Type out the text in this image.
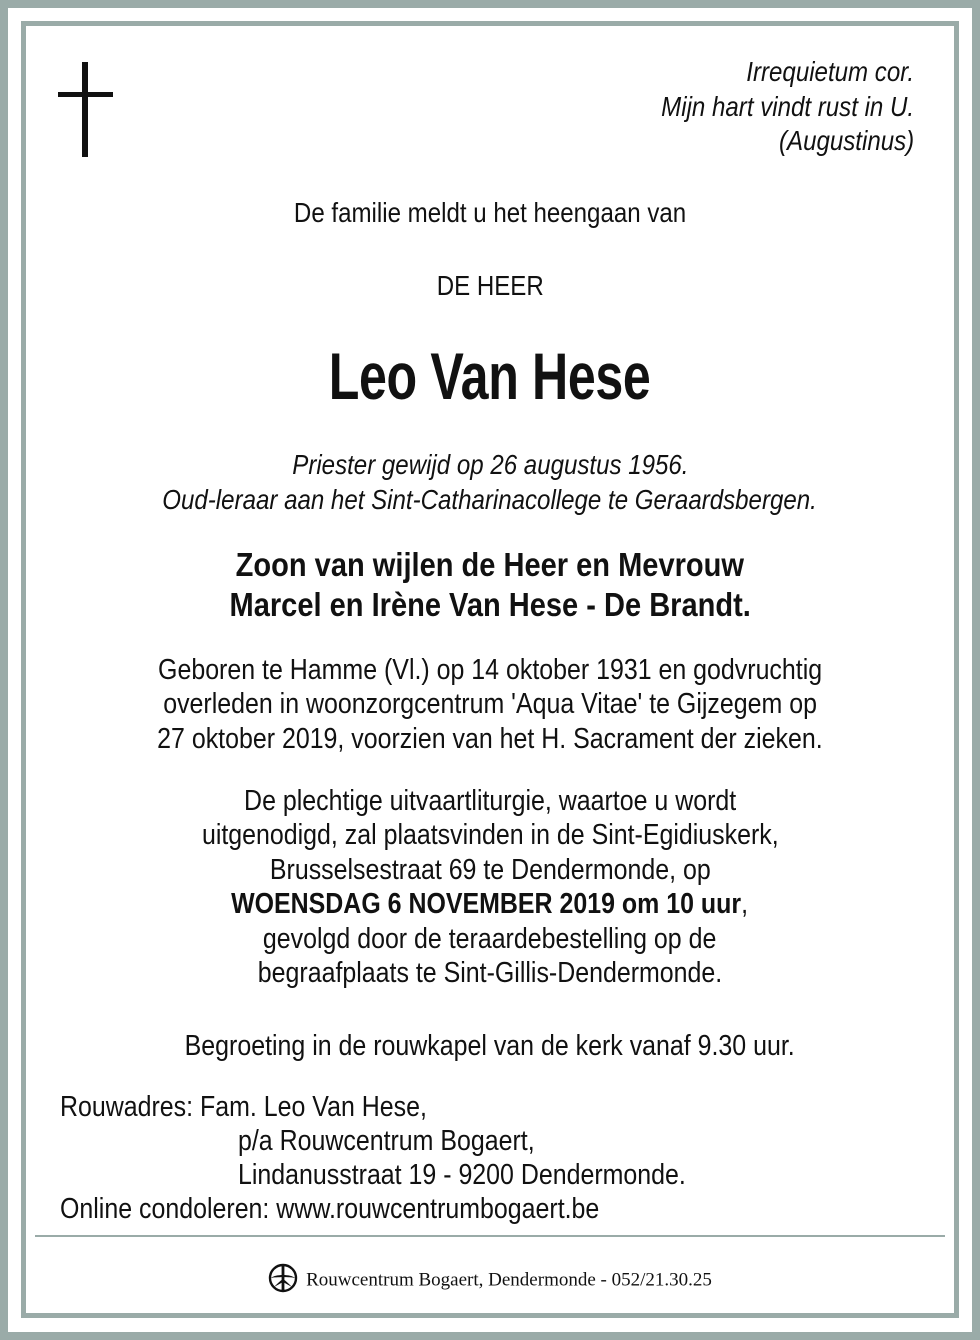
Irrequietum cor.
Mijn hart vindt rust in U.
(Augustinus)
De familie meldt u het heengaan van
DE HEER
Leo Van Hese
Priester gewijd op 26 augustus 1956.
Oud-leraar aan het Sint-Catharinacollege te Geraardsbergen.
Zoon van wijlen de Heer en Mevrouw
Marcel en Irène Van Hese - De Brandt.
Geboren te Hamme (Vl.) op 14 oktober 1931 en godvruchtig
overleden in woonzorgcentrum 'Aqua Vitae' te Gijzegem op
27 oktober 2019, voorzien van het H. Sacrament der zieken.
De plechtige uitvaartliturgie, waartoe u wordt
uitgenodigd, zal plaatsvinden in de Sint-Egidiuskerk,
Brusselsestraat 69 te Dendermonde, op
WOENSDAG 6 NOVEMBER 2019 om 10 uur,
gevolgd door de teraardebestelling op de
begraafplaats te Sint-Gillis-Dendermonde.
Begroeting in de rouwkapel van de kerk vanaf 9.30 uur.
Rouwadres: Fam. Leo Van Hese,
p/a Rouwcentrum Bogaert,
Lindanusstraat 19 - 9200 Dendermonde.
Online condoleren: www.rouwcentrumbogaert.be
Rouwcentrum Bogaert, Dendermonde - 052/21.30.25
